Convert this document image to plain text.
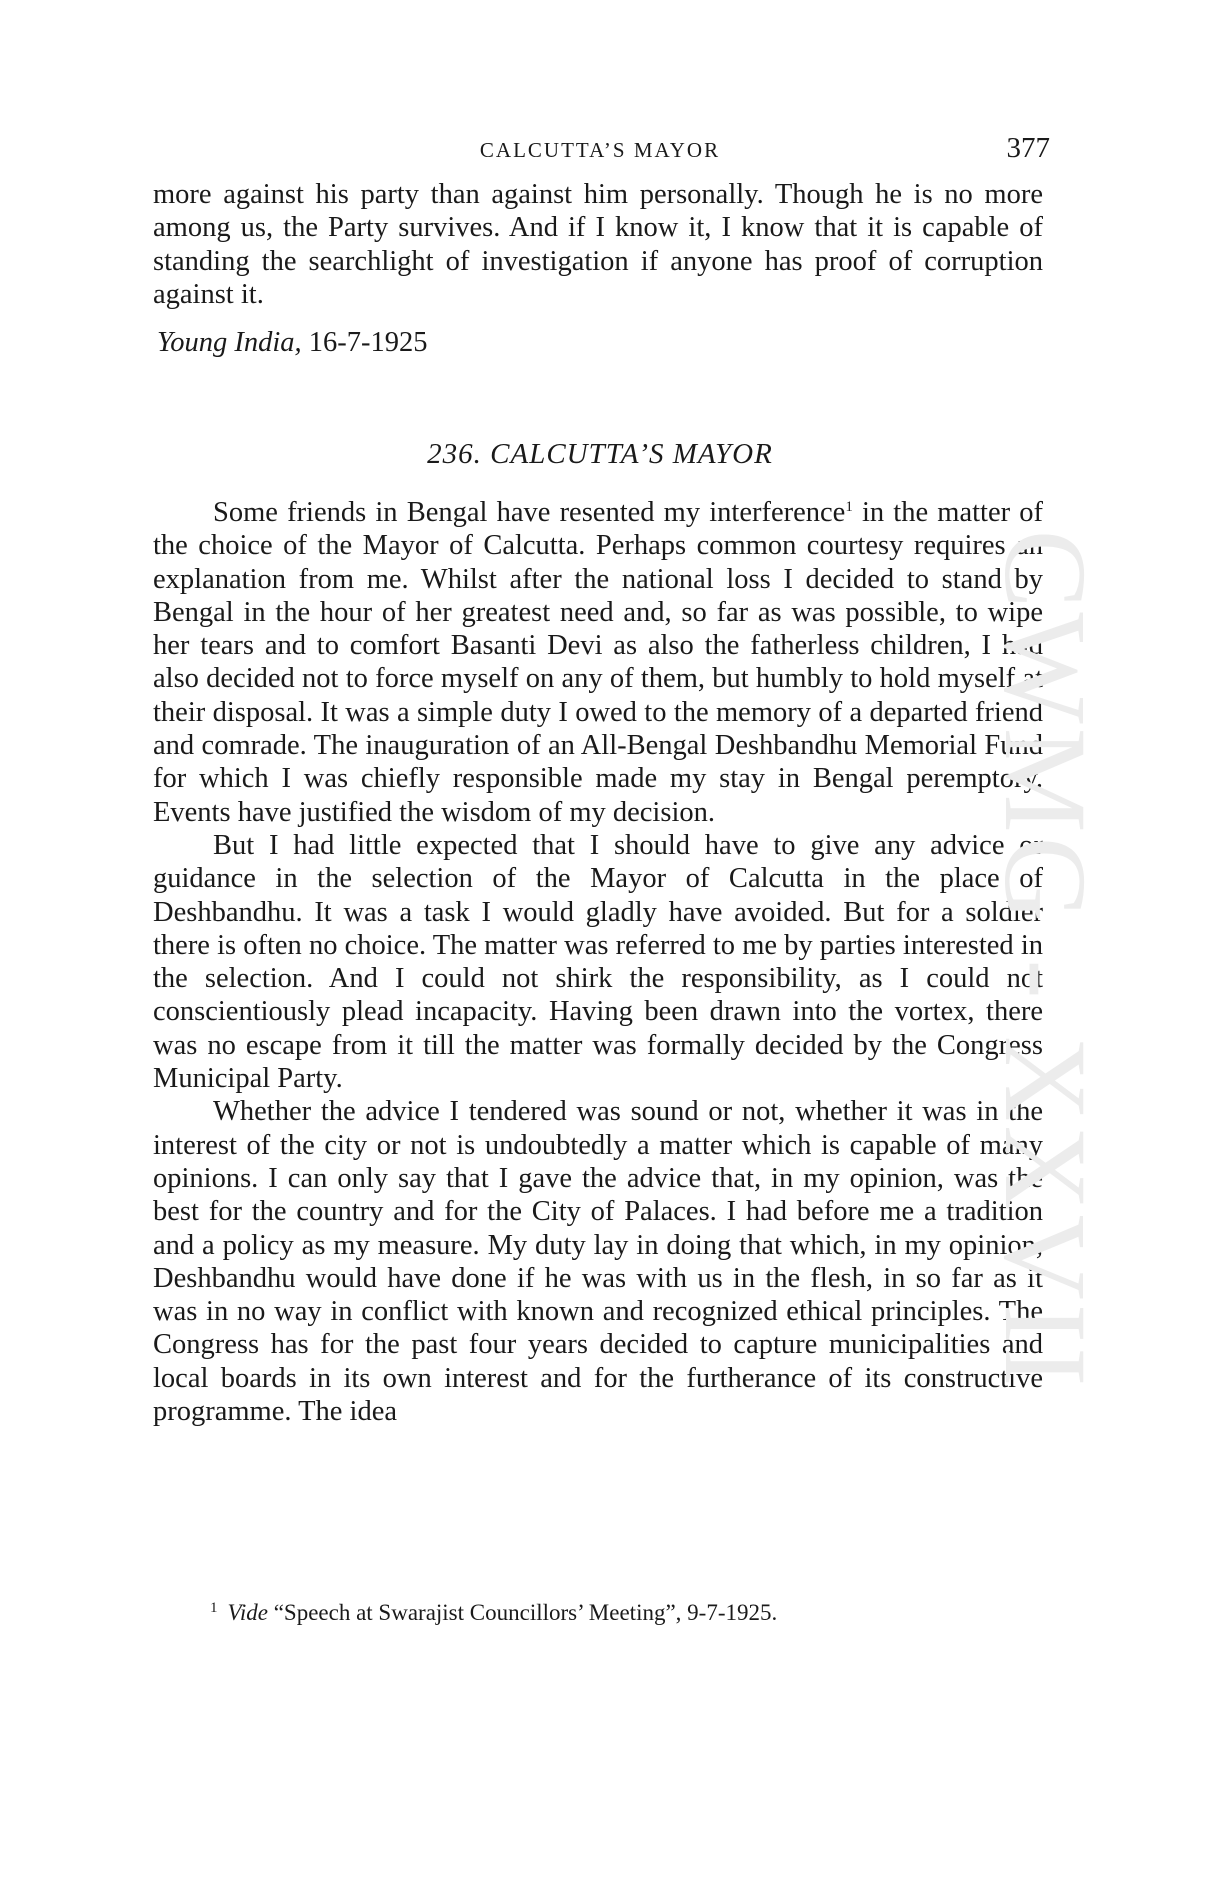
CALCUTTA’S MAYOR	377

more against his party than against him personally. Though he is no more among us, the Party survives. And if I know it, I know that it is capable of standing the searchlight of investigation if anyone has proof of corruption against it.

Young India, 16-7-1925
236. CALCUTTA’S MAYOR

Some friends in Bengal have resented my interference$^1$ in the matter of the choice of the Mayor of Calcutta. Perhaps common courtesy requires an explanation from me. Whilst after the national loss I decided to stand by Bengal in the hour of her greatest need and, so far as was possible, to wipe her tears and to comfort Basanti Devi as also the fatherless children, I had also decided not to force myself on any of them, but humbly to hold myself at their disposal. It was a simple duty I owed to the memory of a departed friend and comrade. The inauguration of an All-Bengal Deshbandhu Memorial Fund for which I was chiefly responsible made my stay in Bengal peremptory. Events have justified the wisdom of my decision.

But I had little expected that I should have to give any advice or guidance in the selection of the Mayor of Calcutta in the place of Deshbandhu. It was a task I would gladly have avoided. But for a soldier there is often no choice. The matter was referred to me by parties interested in the selection. And I could not shirk the responsibility, as I could not conscientiously plead incapacity. Having been drawn into the vortex, there was no escape from it till the matter was formally decided by the Congress Municipal Party.

Whether the advice I tendered was sound or not, whether it was in the interest of the city or not is undoubtedly a matter which is capable of many opinions. I can only say that I gave the advice that, in my opinion, was the best for the country and for the City of Palaces. I had before me a tradition and a policy as my measure. My duty lay in doing that which, in my opinion, Deshbandhu would have done if he was with us in the flesh, in so far as it was in no way in conflict with known and recognized ethical principles. The Congress has for the past four years decided to capture municipalities and local boards in its own interest and for the furtherance of its constructive programme. The idea

$^1$ Vide “Speech at Swarajist Councillors’ Meeting”, 9-7-1925.
CWMG - XXVII
